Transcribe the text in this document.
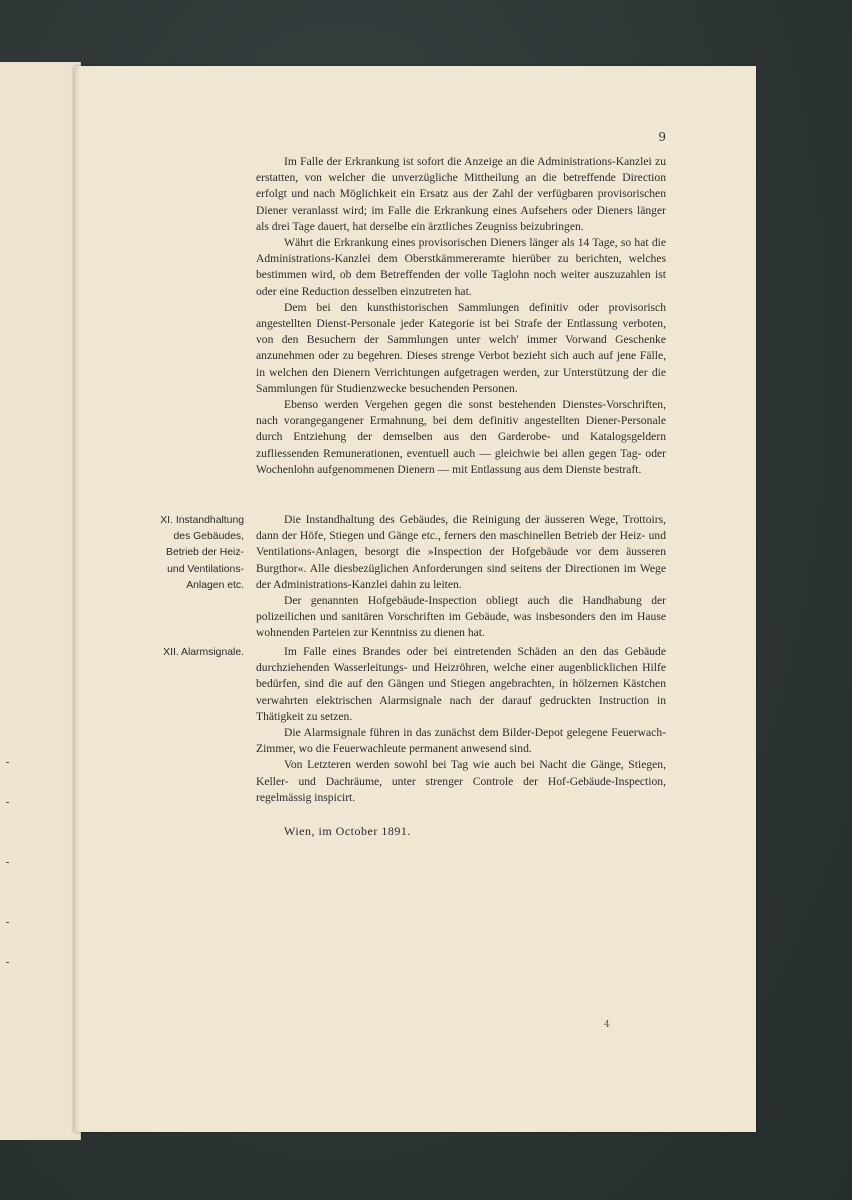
9

Im Falle der Erkrankung ist sofort die Anzeige an die Administrations-Kanzlei zu erstatten, von welcher die unverzügliche Mittheilung an die betreffende Direction erfolgt und nach Möglichkeit ein Ersatz aus der Zahl der verfügbaren provisorischen Diener veranlasst wird; im Falle die Erkrankung eines Aufsehers oder Dieners länger als drei Tage dauert, hat derselbe ein ärztliches Zeugniss beizubringen.

Währt die Erkrankung eines provisorischen Dieners länger als 14 Tage, so hat die Administrations-Kanzlei dem Oberstkämmereramte hierüber zu berichten, welches bestimmen wird, ob dem Betreffenden der volle Taglohn noch weiter auszuzahlen ist oder eine Reduction desselben einzutreten hat.

Dem bei den kunsthistorischen Sammlungen definitiv oder provisorisch angestellten Dienst-Personale jeder Kategorie ist bei Strafe der Entlassung verboten, von den Besuchern der Sammlungen unter welch' immer Vorwand Geschenke anzunehmen oder zu begehren. Dieses strenge Verbot bezieht sich auch auf jene Fälle, in welchen den Dienern Verrichtungen aufgetragen werden, zur Unterstützung der die Sammlungen für Studienzwecke besuchenden Personen.

Ebenso werden Vergehen gegen die sonst bestehenden Dienstes-Vorschriften, nach vorangegangener Ermahnung, bei dem definitiv angestellten Diener-Personale durch Entziehung der demselben aus den Garderobe- und Katalogsgeldern zufliessenden Remunerationen, eventuell auch — gleichwie bei allen gegen Tag- oder Wochenlohn aufgenommenen Dienern — mit Entlassung aus dem Dienste bestraft.

XI. Instandhaltung
des Gebäudes,
Betrieb der Heiz-
und Ventilations-
Anlagen etc.

Die Instandhaltung des Gebäudes, die Reinigung der äusseren Wege, Trottoirs, dann der Höfe, Stiegen und Gänge etc., ferners den maschinellen Betrieb der Heiz- und Ventilations-Anlagen, besorgt die »Inspection der Hofgebäude vor dem äusseren Burgthor«. Alle diesbezüglichen Anforderungen sind seitens der Directionen im Wege der Administrations-Kanzlei dahin zu leiten.

Der genannten Hofgebäude-Inspection obliegt auch die Handhabung der polizeilichen und sanitären Vorschriften im Gebäude, was insbesonders den im Hause wohnenden Parteien zur Kenntniss zu dienen hat.

XII. Alarmsignale.	Im Falle eines Brandes oder bei eintretenden Schäden an den das Gebäude durchziehenden Wasserleitungs- und Heizröhren, welche einer augenblicklichen Hilfe bedürfen, sind die auf den Gängen und Stiegen angebrachten, in hölzernen Kästchen verwahrten elektrischen Alarmsignale nach der darauf gedruckten Instruction in Thätigkeit zu setzen.

Die Alarmsignale führen in das zunächst dem Bilder-Depot gelegene Feuerwach-Zimmer, wo die Feuerwachleute permanent anwesend sind.

Von Letzteren werden sowohl bei Tag wie auch bei Nacht die Gänge, Stiegen, Keller- und Dachräume, unter strenger Controle der Hof-Gebäude-Inspection, regelmässig inspicirt.

Wien, im October 1891.
4
